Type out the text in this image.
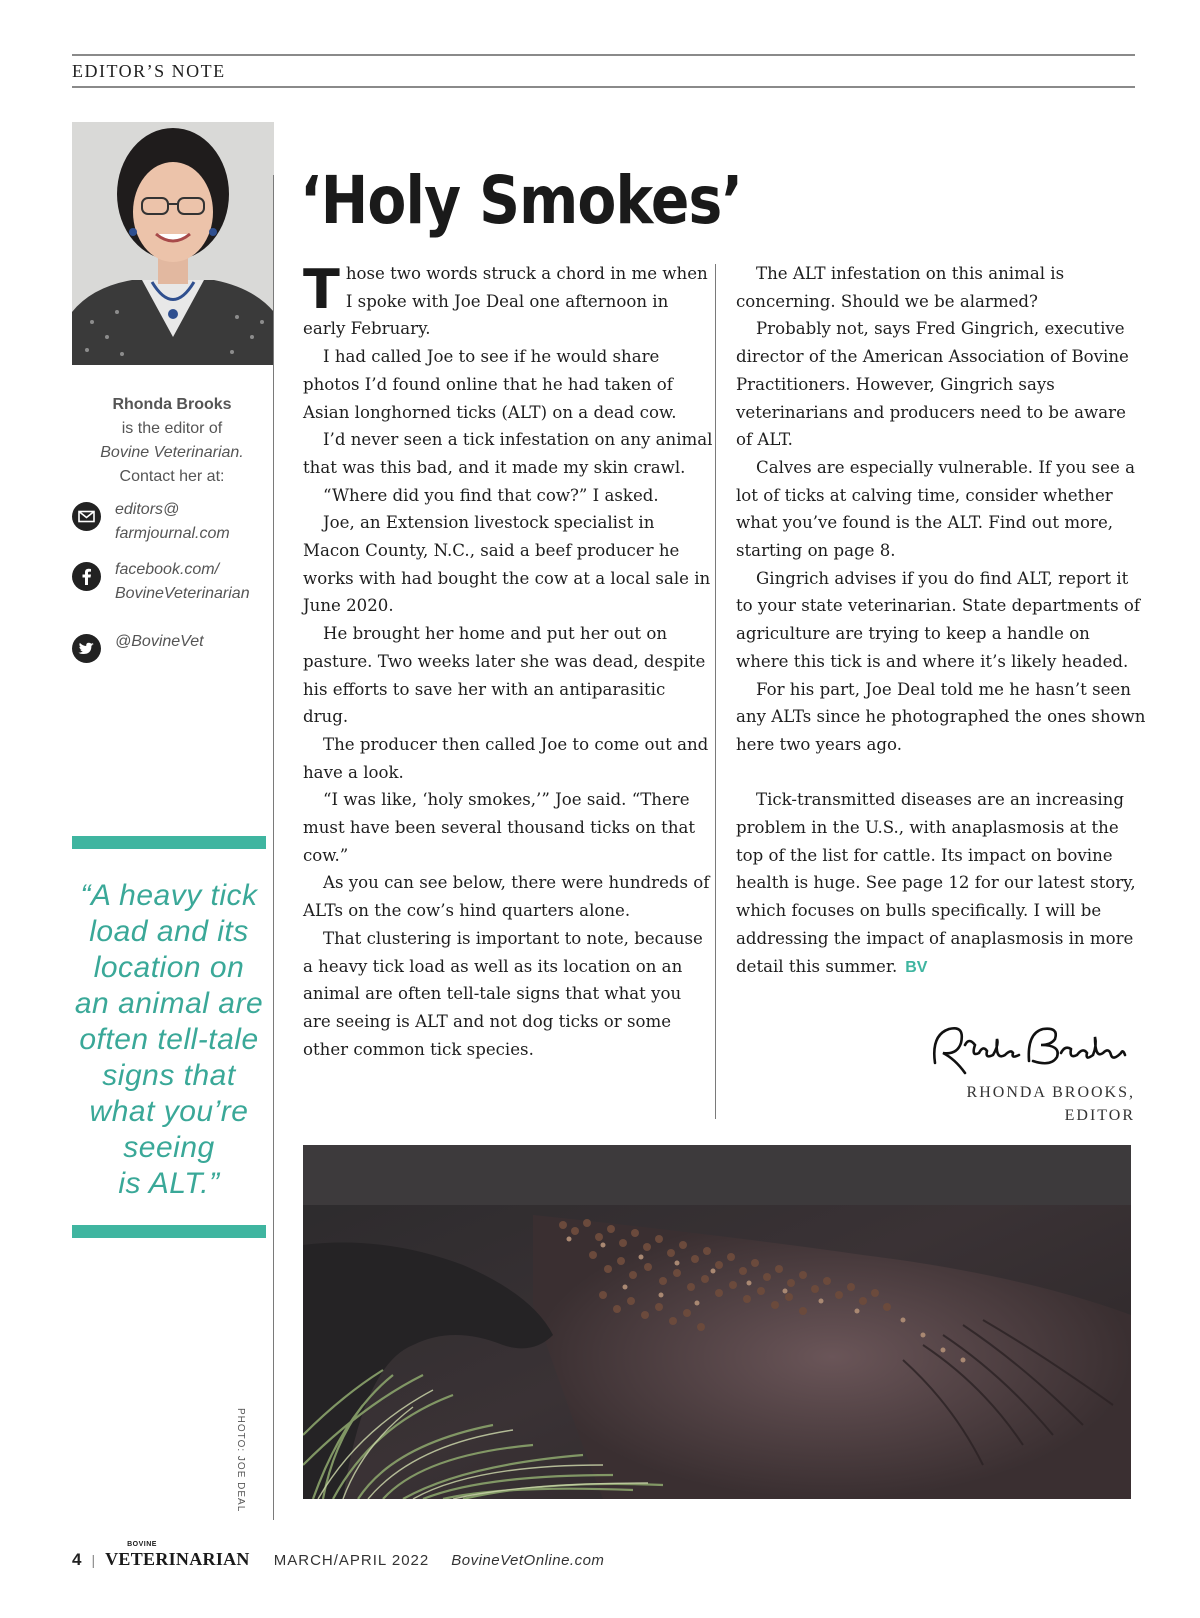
EDITOR’S NOTE
Rhonda Brooks
is the editor of
Bovine Veterinarian.
Contact her at:
editors@
farmjournal.com
facebook.com/
BovineVeterinarian
@BovineVet
“A heavy tick
load and its
location on
an animal are
often tell-tale
signs that
what you’re
seeing
is ALT.”
PHOTO: JOE DEAL
‘Holy Smokes’

Those two words struck a chord in me when I spoke with Joe Deal one afternoon in early February.

I had called Joe to see if he would share photos I’d found online that he had taken of Asian longhorned ticks (ALT) on a dead cow.

I’d never seen a tick infestation on any animal that was this bad, and it made my skin crawl.

“Where did you find that cow?” I asked.

Joe, an Extension livestock specialist in Macon County, N.C., said a beef producer he works with had bought the cow at a local sale in June 2020.

He brought her home and put her out on pasture. Two weeks later she was dead, despite his efforts to save her with an antiparasitic drug.

The producer then called Joe to come out and have a look.

“I was like, ‘holy smokes,’” Joe said. “There must have been several thousand ticks on that cow.”

As you can see below, there were hundreds of ALTs on the cow’s hind quarters alone.

That clustering is important to note, because a heavy tick load as well as its location on an animal are often tell-tale signs that what you are seeing is ALT and not dog ticks or some other common tick species.

The ALT infestation on this animal is concerning. Should we be alarmed?

Probably not, says Fred Gingrich, executive director of the American Association of Bovine Practitioners. However, Gingrich says veterinarians and producers need to be aware of ALT.

Calves are especially vulnerable. If you see a lot of ticks at calving time, consider whether what you’ve found is the ALT. Find out more, starting on page 8.

Gingrich advises if you do find ALT, report it to your state veterinarian. State departments of agriculture are trying to keep a handle on where this tick is and where it’s likely headed.

For his part, Joe Deal told me he hasn’t seen any ALTs since he photographed the ones shown here two years ago.

Tick-transmitted diseases are an increasing problem in the U.S., with anaplasmosis at the top of the list for cattle. Its impact on bovine health is huge. See page 12 for our latest story, which focuses on bulls specifically. I will be addressing the impact of anaplasmosis in more detail this summer. BV

RHONDA BROOKS,
EDITOR
4 |
BOVINE
VETERINARIAN MARCH/APRIL 2022 BovineVetOnline.com
